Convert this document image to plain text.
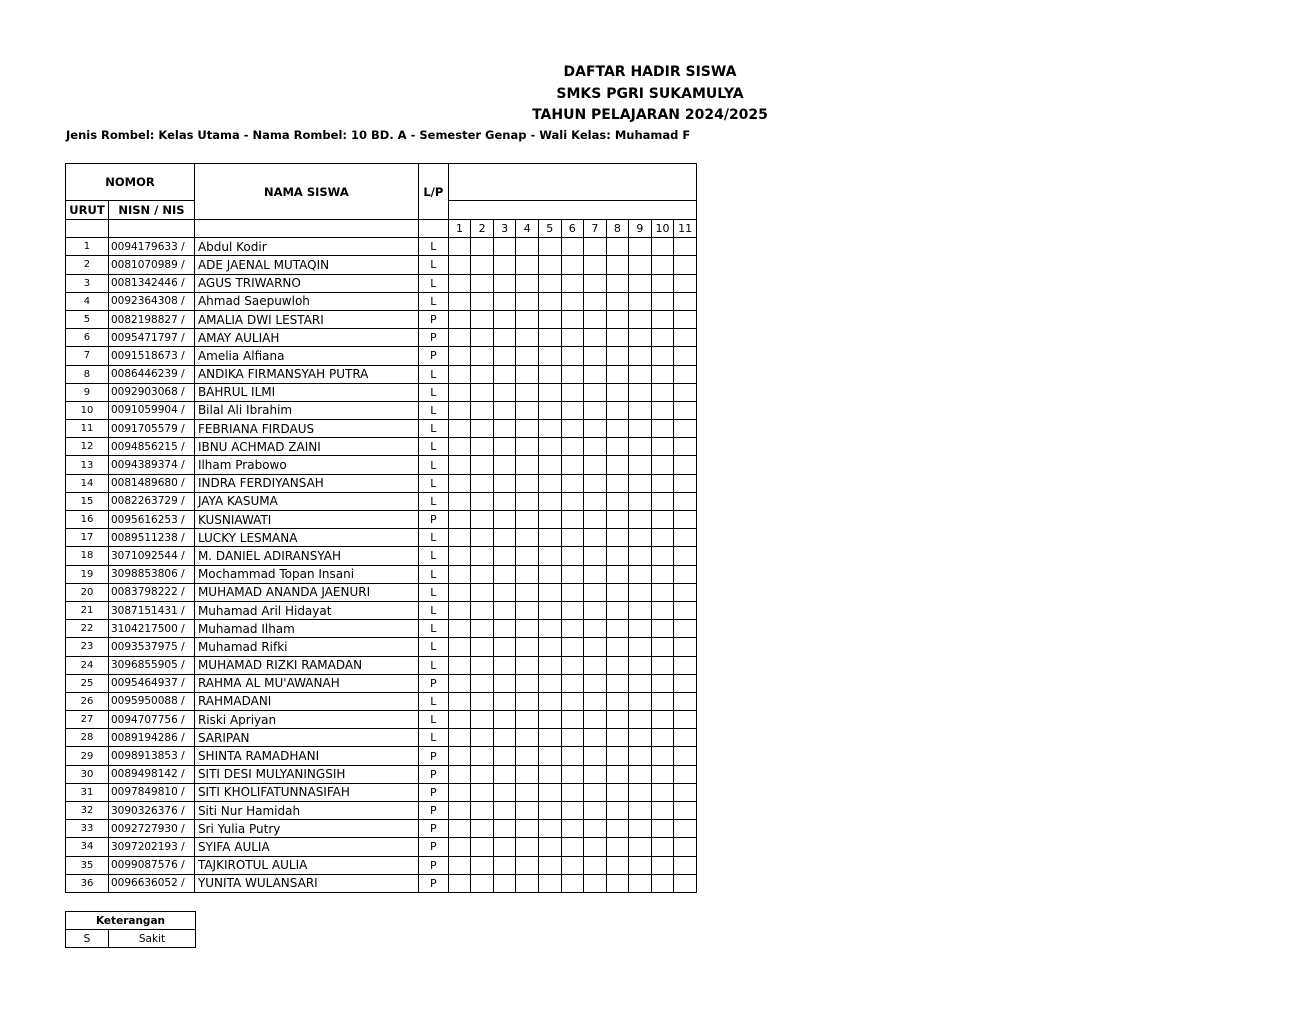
DAFTAR HADIR SISWA
SMKS PGRI SUKAMULYA
TAHUN PELAJARAN 2024/2025
Jenis Rombel: Kelas Utama - Nama Rombel: 10 BD. A - Semester Genap - Wali Kelas: Muhamad F
NOMOR		NAMA SISWA	L/P											
URUT	NISN / NIS													
				1	2	3	4	5	6	7	8	9	10	11
1	0094179633 /	Abdul Kodir	L											
2	0081070989 /	ADE JAENAL MUTAQIN	L											
3	0081342446 /	AGUS TRIWARNO	L											
4	0092364308 /	Ahmad Saepuwloh	L											
5	0082198827 /	AMALIA DWI LESTARI	P											
6	0095471797 /	AMAY AULIAH	P											
7	0091518673 /	Amelia Alfiana	P											
8	0086446239 /	ANDIKA FIRMANSYAH PUTRA	L											
9	0092903068 /	BAHRUL ILMI	L											
10	0091059904 /	Bilal Ali Ibrahim	L											
11	0091705579 /	FEBRIANA FIRDAUS	L											
12	0094856215 /	IBNU ACHMAD ZAINI	L											
13	0094389374 /	Ilham Prabowo	L											
14	0081489680 /	INDRA FERDIYANSAH	L											
15	0082263729 /	JAYA KASUMA	L											
16	0095616253 /	KUSNIAWATI	P											
17	0089511238 /	LUCKY LESMANA	L											
18	3071092544 /	M. DANIEL ADIRANSYAH	L											
19	3098853806 /	Mochammad Topan Insani	L											
20	0083798222 /	MUHAMAD ANANDA JAENURI	L											
21	3087151431 /	Muhamad Aril Hidayat	L											
22	3104217500 /	Muhamad Ilham	L											
23	0093537975 /	Muhamad Rifki	L											
24	3096855905 /	MUHAMAD RIZKI RAMADAN	L											
25	0095464937 /	RAHMA AL MU'AWANAH	P											
26	0095950088 /	RAHMADANI	L											
27	0094707756 /	Riski Apriyan	L											
28	0089194286 /	SARIPAN	L											
29	0098913853 /	SHINTA RAMADHANI	P											
30	0089498142 /	SITI DESI MULYANINGSIH	P											
31	0097849810 /	SITI KHOLIFATUNNASIFAH	P											
32	3090326376 /	Siti Nur Hamidah	P											
33	0092727930 /	Sri Yulia Putry	P											
34	3097202193 /	SYIFA AULIA	P											
35	0099087576 /	TAJKIROTUL AULIA	P											
36	0096636052 /	YUNITA WULANSARI	P											
Keterangan
S	Sakit
